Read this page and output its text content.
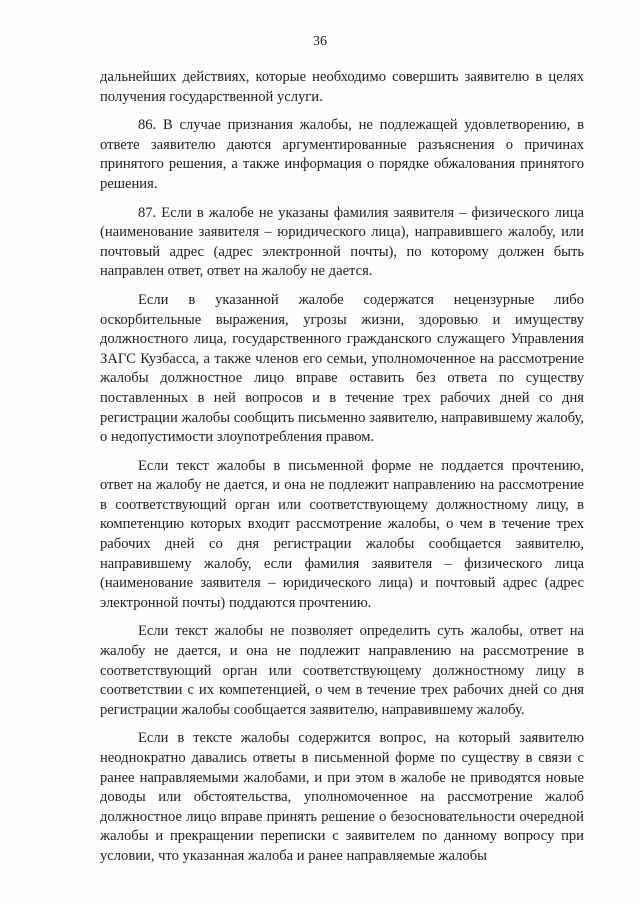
36

дальнейших действиях, которые необходимо совершить заявителю в целях получения государственной услуги.

86. В случае признания жалобы, не подлежащей удовлетворению, в ответе заявителю даются аргументированные разъяснения о причинах принятого решения, а также информация о порядке обжалования принятого решения.

87. Если в жалобе не указаны фамилия заявителя – физического лица (наименование заявителя – юридического лица), направившего жалобу, или почтовый адрес (адрес электронной почты), по которому должен быть направлен ответ, ответ на жалобу не дается.

Если в указанной жалобе содержатся нецензурные либо оскорбительные выражения, угрозы жизни, здоровью и имуществу должностного лица, государственного гражданского служащего Управления ЗАГС Кузбасса, а также членов его семьи, уполномоченное на рассмотрение жалобы должностное лицо вправе оставить без ответа по существу поставленных в ней вопросов и в течение трех рабочих дней со дня регистрации жалобы сообщить письменно заявителю, направившему жалобу, о недопустимости злоупотребления правом.

Если текст жалобы в письменной форме не поддается прочтению, ответ на жалобу не дается, и она не подлежит направлению на рассмотрение в соответствующий орган или соответствующему должностному лицу, в компетенцию которых входит рассмотрение жалобы, о чем в течение трех рабочих дней со дня регистрации жалобы сообщается заявителю, направившему жалобу, если фамилия заявителя – физического лица (наименование заявителя – юридического лица) и почтовый адрес (адрес электронной почты) поддаются прочтению.

Если текст жалобы не позволяет определить суть жалобы, ответ на жалобу не дается, и она не подлежит направлению на рассмотрение в соответствующий орган или соответствующему должностному лицу в соответствии с их компетенцией, о чем в течение трех рабочих дней со дня регистрации жалобы сообщается заявителю, направившему жалобу.

Если в тексте жалобы содержится вопрос, на который заявителю неоднократно давались ответы в письменной форме по существу в связи с ранее направляемыми жалобами, и при этом в жалобе не приводятся новые доводы или обстоятельства, уполномоченное на рассмотрение жалоб должностное лицо вправе принять решение о безосновательности очередной жалобы и прекращении переписки с заявителем по данному вопросу при условии, что указанная жалоба и ранее направляемые жалобы
